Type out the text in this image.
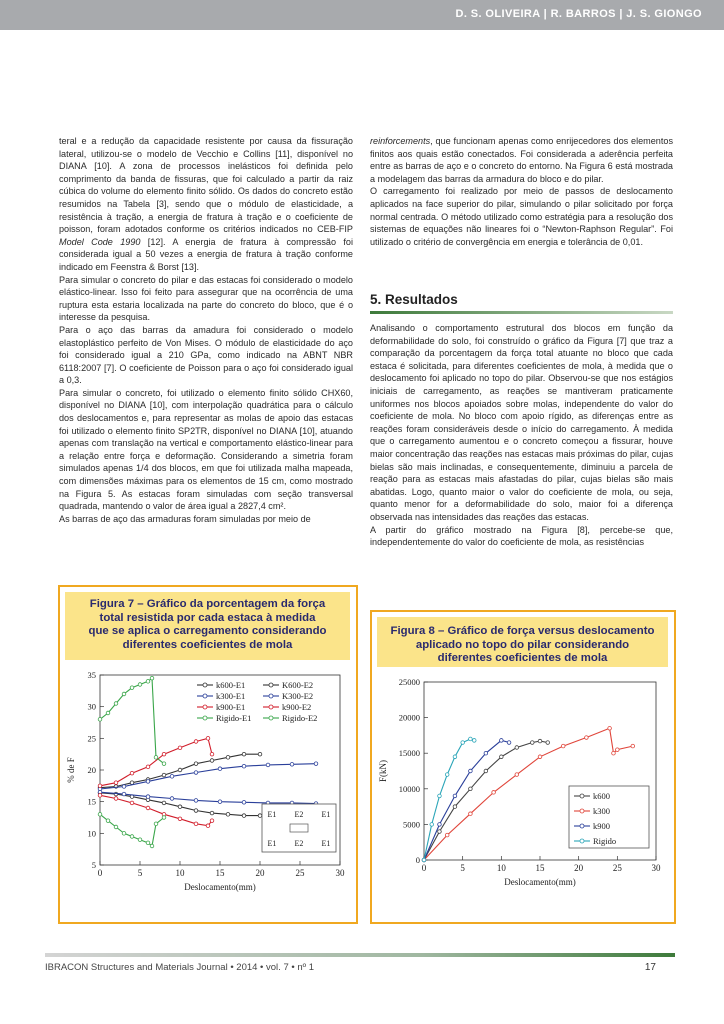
D. S. OLIVEIRA | R. BARROS | J. S. GIONGO

teral e a redução da capacidade resistente por causa da fissuração lateral, utilizou-se o modelo de Vecchio e Collins [11], disponível no DIANA [10]. A zona de processos inelásticos foi definida pelo comprimento da banda de fissuras, que foi calculado a partir da raiz cúbica do volume do elemento finito sólido. Os dados do concreto estão resumidos na Tabela [3], sendo que o módulo de elasticidade, a resistência à tração, a energia de fratura à tração e o coeficiente de poisson, foram adotados conforme os critérios indicados no CEB-FIP Model Code 1990 [12]. A energia de fratura à compressão foi considerada igual a 50 vezes a energia de fratura à tração conforme indicado em Feenstra & Borst [13].

Para simular o concreto do pilar e das estacas foi considerado o modelo elástico-linear. Isso foi feito para assegurar que na ocorrência de uma ruptura esta estaria localizada na parte do concreto do bloco, que é o interesse da pesquisa.

Para o aço das barras da amadura foi considerado o modelo elastoplástico perfeito de Von Mises. O módulo de elasticidade do aço foi considerado igual a 210 GPa, como indicado na ABNT NBR 6118:2007 [7]. O coeficiente de Poisson para o aço foi considerado igual a 0,3.

Para simular o concreto, foi utilizado o elemento finito sólido CHX60, disponível no DIANA [10], com interpolação quadrática para o cálculo dos deslocamentos e, para representar as molas de apoio das estacas foi utilizado o elemento finito SP2TR, disponível no DIANA [10], atuando apenas com translação na vertical e comportamento elástico-linear para a relação entre força e deformação. Considerando a simetria foram simulados apenas 1/4 dos blocos, em que foi utilizada malha mapeada, com dimensões máximas para os elementos de 15 cm, como mostrado na Figura 5. As estacas foram simuladas com seção transversal quadrada, mantendo o valor de área igual a 2827,4 cm².

As barras de aço das armaduras foram simuladas por meio de

reinforcements, que funcionam apenas como enrijecedores dos elementos finitos aos quais estão conectados. Foi considerada a aderência perfeita entre as barras de aço e o concreto do entorno. Na Figura 6 está mostrada a modelagem das barras da armadura do bloco e do pilar.

O carregamento foi realizado por meio de passos de deslocamento aplicados na face superior do pilar, simulando o pilar solicitado por força normal centrada. O método utilizado como estratégia para a resolução dos sistemas de equações não lineares foi o “Newton-Raphson Regular”. Foi utilizado o critério de convergência em energia e tolerância de 0,01.

5. Resultados

Analisando o comportamento estrutural dos blocos em função da deformabilidade do solo, foi construído o gráfico da Figura [7] que traz a comparação da porcentagem da força total atuante no bloco que cada estaca é solicitada, para diferentes coeficientes de mola, à medida que o deslocamento foi aplicado no topo do pilar. Observou-se que nos estágios iniciais de carregamento, as reações se mantiveram praticamente uniformes nos blocos apoiados sobre molas, independente do valor do coeficiente de mola. No bloco com apoio rígido, as diferenças entre as reações foram consideráveis desde o início do carregamento. À medida que o carregamento aumentou e o concreto começou a fissurar, houve maior concentração das reações nas estacas mais próximas do pilar, cujas bielas são mais inclinadas, e consequentemente, diminuiu a parcela de reação para as estacas mais afastadas do pilar, cujas bielas são mais abatidas. Logo, quanto maior o valor do coeficiente de mola, ou seja, quanto menor for a deformabilidade do solo, maior foi a diferença observada nas intensidades das reações das estacas.

A partir do gráfico mostrado na Figura [8], percebe-se que, independentemente do valor do coeficiente de mola, as resistências

Figura 7 – Gráfico da porcentagem da força
total resistida por cada estaca à medida
que se aplica o carregamento considerando
diferentes coeficientes de mola
0	5	10	15	20	25	30
5
10
15
20
25
30
35
Deslocamento(mm)
% de F
k600-E1	K600-E2
k300-E1	K300-E2
k900-E1	k900-E2
Rigido-E1	Rigido-E2
E1 E2 E1
E1 E2 E1
Figura 8 – Gráfico de força versus deslocamento
aplicado no topo do pilar considerando
diferentes coeficientes de mola
0	5	10	15	20	25	30
0
5000
10000
15000
20000
25000
Deslocamento(mm)
F(kN)
k600
k300
k900
Rigido
IBRACON Structures and Materials Journal • 2014 • vol. 7 • nº 1	17
